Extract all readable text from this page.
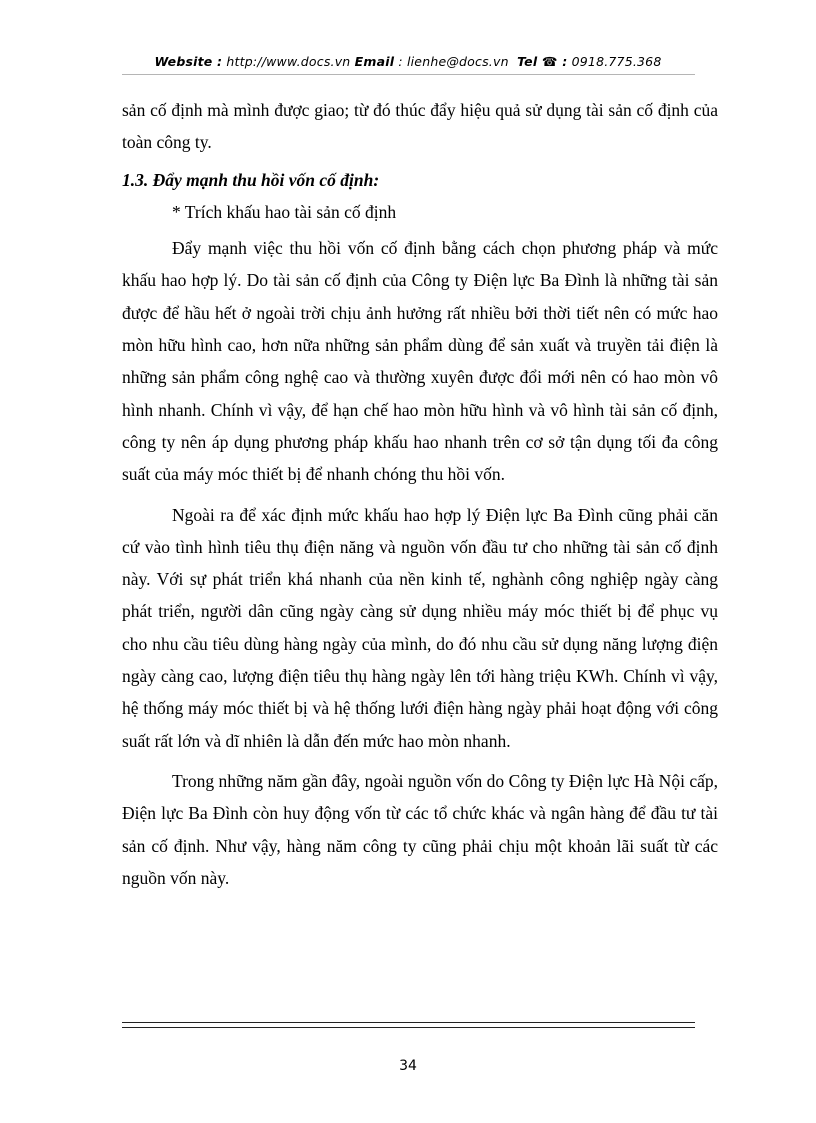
Website : http://www.docs.vn Email : lienhe@docs.vn Tel ☎ : 0918.775.368

sản cố định mà mình được giao; từ đó thúc đẩy hiệu quả sử dụng tài sản cố định của toàn công ty.

1.3. Đẩy mạnh thu hồi vốn cố định:

* Trích khấu hao tài sản cố định

Đẩy mạnh việc thu hồi vốn cố định bằng cách chọn phương pháp và mức khấu hao hợp lý. Do tài sản cố định của Công ty Điện lực Ba Đình là những tài sản được để hầu hết ở ngoài trời chịu ảnh hưởng rất nhiều bởi thời tiết nên có mức hao mòn hữu hình cao, hơn nữa những sản phẩm dùng để sản xuất và truyền tải điện là những sản phẩm công nghệ cao và thường xuyên được đổi mới nên có hao mòn vô hình nhanh. Chính vì vậy, để hạn chế hao mòn hữu hình và vô hình tài sản cố định, công ty nên áp dụng phương pháp khấu hao nhanh trên cơ sở tận dụng tối đa công suất của máy móc thiết bị để nhanh chóng thu hồi vốn.

Ngoài ra để xác định mức khấu hao hợp lý Điện lực Ba Đình cũng phải căn cứ vào tình hình tiêu thụ điện năng và nguồn vốn đầu tư cho những tài sản cố định này. Với sự phát triển khá nhanh của nền kinh tế, nghành công nghiệp ngày càng phát triển, người dân cũng ngày càng sử dụng nhiều máy móc thiết bị để phục vụ cho nhu cầu tiêu dùng hàng ngày của mình, do đó nhu cầu sử dụng năng lượng điện ngày càng cao, lượng điện tiêu thụ hàng ngày lên tới hàng triệu KWh. Chính vì vậy, hệ thống máy móc thiết bị và hệ thống lưới điện hàng ngày phải hoạt động với công suất rất lớn và dĩ nhiên là dẫn đến mức hao mòn nhanh.

Trong những năm gần đây, ngoài nguồn vốn do Công ty Điện lực Hà Nội cấp, Điện lực Ba Đình còn huy động vốn từ các tổ chức khác và ngân hàng để đầu tư tài sản cố định. Như vậy, hàng năm công ty cũng phải chịu một khoản lãi suất từ các nguồn vốn này.

34
